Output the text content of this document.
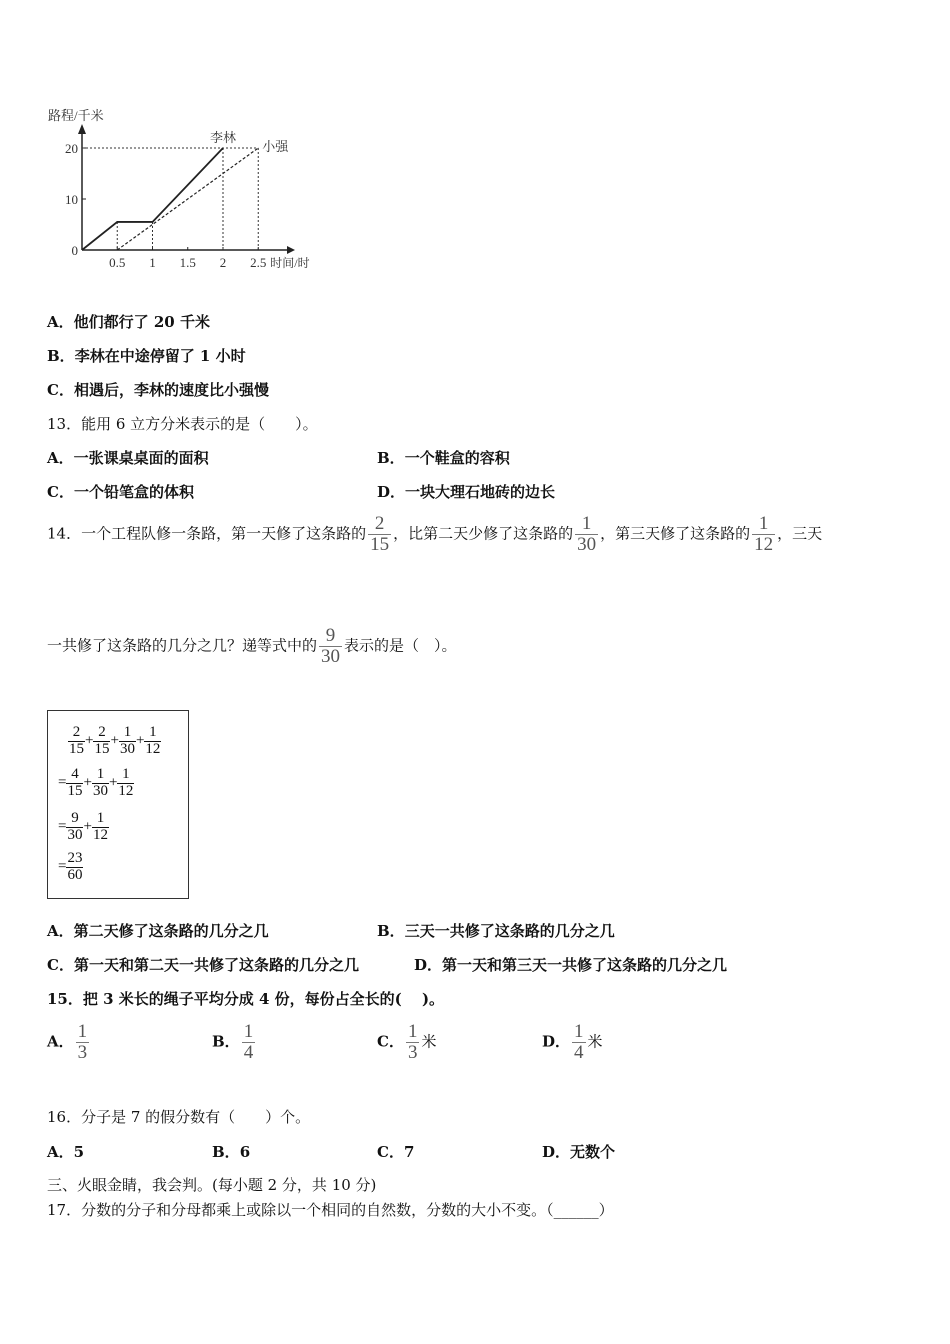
路程/千米
时间/时
0.5 1 1.5 2 2.5
0
10
20
李林
小强
A．他们都行了 20 千米
B．李林在中途停留了 1 小时
C．相遇后，李林的速度比小强慢
13．能用 6 立方分米表示的是（　　）。
A．一张课桌桌面的面积	B．一个鞋盒的容积
C．一个铅笔盒的体积	D．一块大理石地砖的边长
14．一个工程队修一条路，第一天修了这条路的 $\frac{2}{15}$ ，比第二天少修了这条路的 $\frac{1}{30}$ ，第三天修了这条路的 $\frac{1}{12}$ ，三天
一共修了这条路的几分之几？递等式中的 $\frac{9}{30}$ 表示的是（　）。
$\frac{2}{15} + \frac{2}{15} + \frac{1}{30} + \frac{1}{12}$
= $\frac{4}{15} + \frac{1}{30} + \frac{1}{12}$
= $\frac{9}{30} + \frac{1}{12}$
= $\frac{23}{60}$
A．第二天修了这条路的几分之几	B．三天一共修了这条路的几分之几
C．第一天和第二天一共修了这条路的几分之几	D．第一天和第三天一共修了这条路的几分之几
15．把 3 米长的绳子平均分成 4 份，每份占全长的(　 )。
A． $\frac{1}{3}$	B． $\frac{1}{4}$	C． $\frac{1}{3}$ 米	D． $\frac{1}{4}$ 米
16．分子是 7 的假分数有（　　）个。
A．5	B．6	C．7	D．无数个
三、火眼金睛，我会判。(每小题 2 分，共 10 分)
17．分数的分子和分母都乘上或除以一个相同的自然数，分数的大小不变。（______）
